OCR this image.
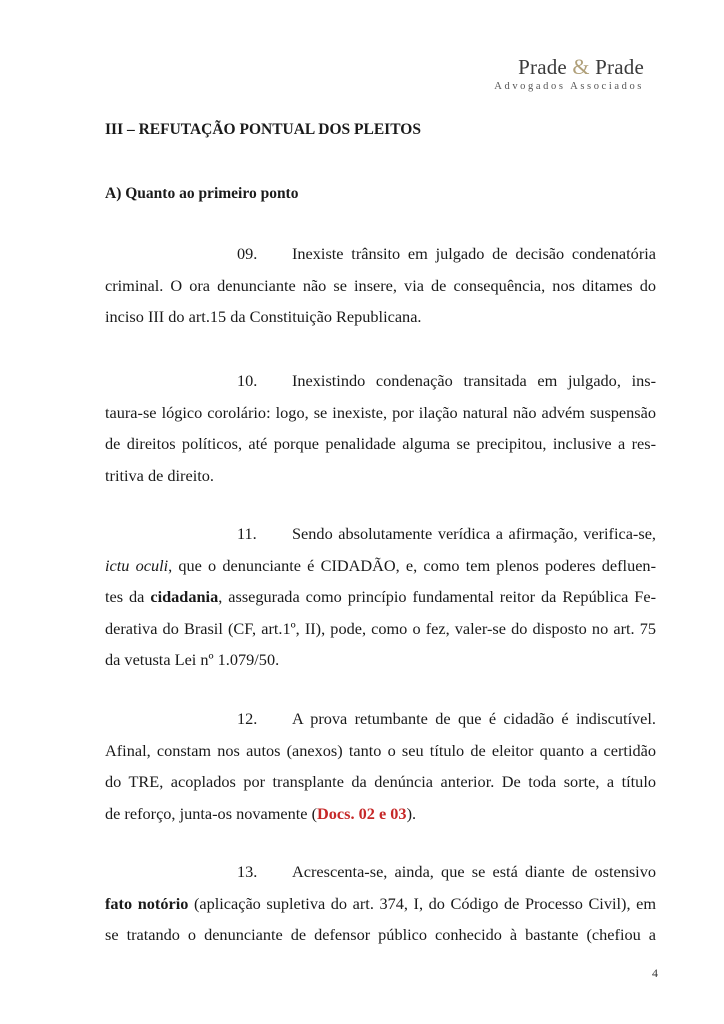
Prade & Prade
Advogados Associados
III – REFUTAÇÃO PONTUAL DOS PLEITOS
A) Quanto ao primeiro ponto
09. Inexiste trânsito em julgado de decisão condenatória
criminal. O ora denunciante não se insere, via de consequência, nos ditames do
inciso III do art.15 da Constituição Republicana.
10. Inexistindo condenação transitada em julgado, ins-
taura-se lógico corolário: logo, se inexiste, por ilação natural não advém suspensão
de direitos políticos, até porque penalidade alguma se precipitou, inclusive a res-
tritiva de direito.
11. Sendo absolutamente verídica a afirmação, verifica-se,
ictu oculi, que o denunciante é CIDADÃO, e, como tem plenos poderes defluen-
tes da cidadania, assegurada como princípio fundamental reitor da República Fe-
derativa do Brasil (CF, art.1º, II), pode, como o fez, valer-se do disposto no art. 75
da vetusta Lei nº 1.079/50.
12. A prova retumbante de que é cidadão é indiscutível.
Afinal, constam nos autos (anexos) tanto o seu título de eleitor quanto a certidão
do TRE, acoplados por transplante da denúncia anterior. De toda sorte, a título
de reforço, junta-os novamente (Docs. 02 e 03).
13. Acrescenta-se, ainda, que se está diante de ostensivo
fato notório (aplicação supletiva do art. 374, I, do Código de Processo Civil), em
se tratando o denunciante de defensor público conhecido à bastante (chefiou a
4
